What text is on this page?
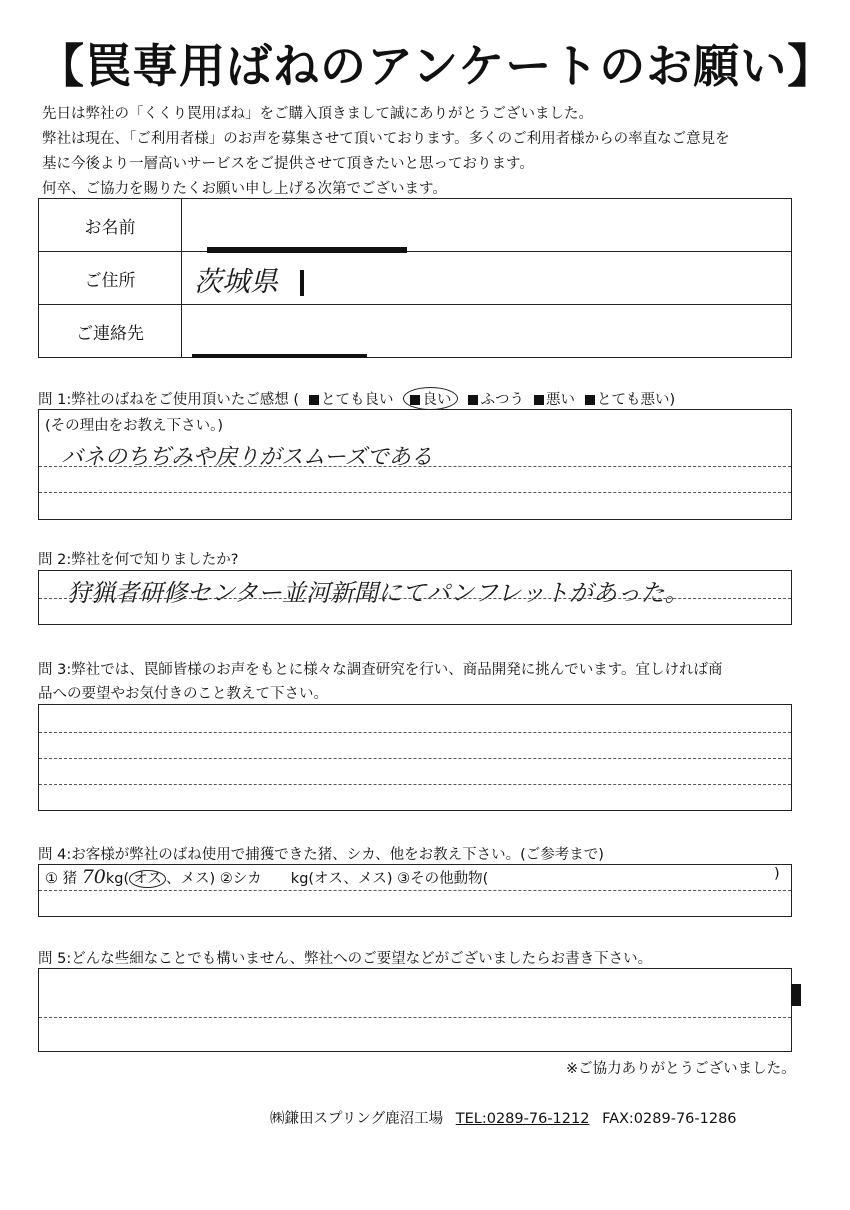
【罠専用ばねのアンケートのお願い】
先日は弊社の「くくり罠用ばね」をご購入頂きまして誠にありがとうございました。
弊社は現在、「ご利用者様」のお声を募集させて頂いております。多くのご利用者様からの率直なご意見を
基に今後より一層高いサービスをご提供させて頂きたいと思っております。
何卒、ご協力を賜りたくお願い申し上げる次第でございます。
お名前	

ご住所	茨城県

ご連絡先	
問 1:弊社のばねをご使用頂いたご感想 ( とても良い 良い ふつう 悪い とても悪い)
(その理由をお教え下さい。)
バネのちぢみや戻りがスムーズである
問 2:弊社を何で知りましたか?
狩猟者研修センター並河新聞にてパンフレットがあった。
問 3:弊社では、罠師皆様のお声をもとに様々な調査研究を行い、商品開発に挑んでいます。宜しければ商
品への要望やお気付きのこと教えて下さい。
問 4:お客様が弊社のばね使用で捕獲できた猪、シカ、他をお教え下さい。(ご参考まで)
① 猪 70kg( オス 、メス) ②シカ　　kg(オス、メス) ③その他動物(	)
問 5:どんな些細なことでも構いません、弊社へのご要望などがございましたらお書き下さい。
※ご協力ありがとうございました。
㈱鎌田スプリング鹿沼工場 TEL:0289-76-1212 FAX:0289-76-1286
